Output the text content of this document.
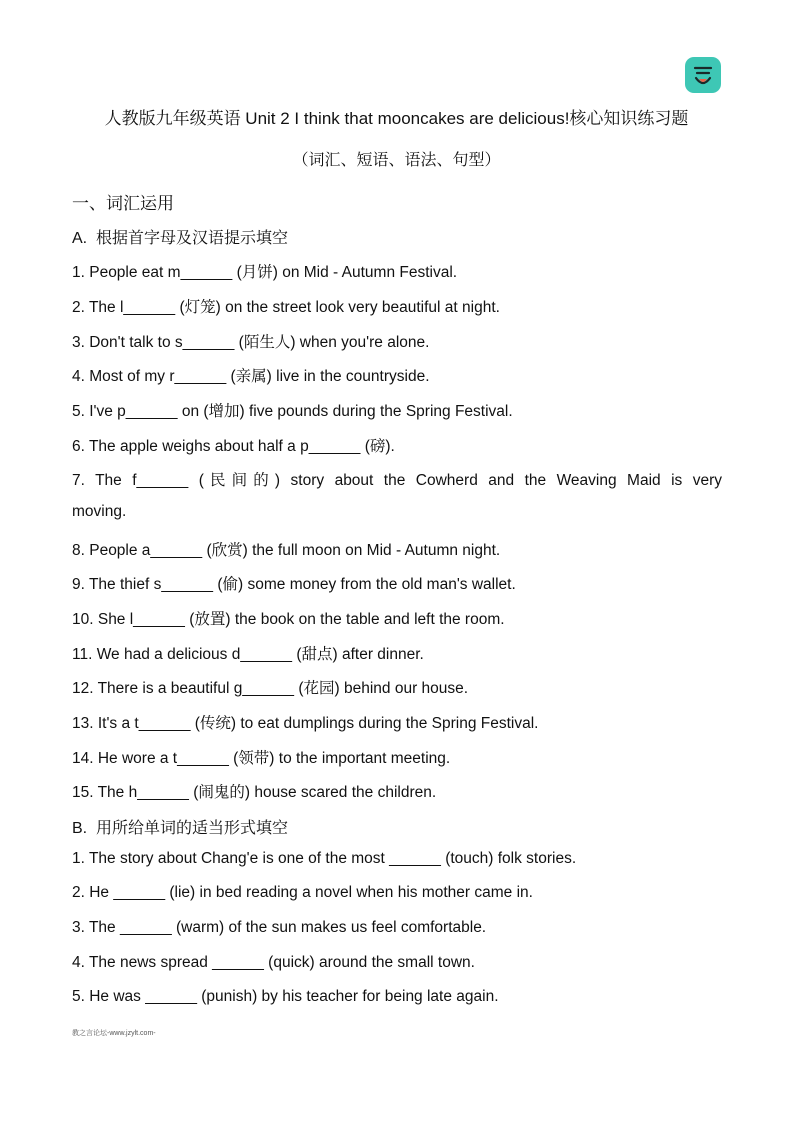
人教版九年级英语 Unit 2 I think that mooncakes are delicious!核心知识练习题
（词汇、短语、语法、句型）
一、词汇运用
A. 根据首字母及汉语提示填空
1. People eat m______ (月饼) on Mid - Autumn Festival.
2. The l______ (灯笼) on the street look very beautiful at night.
3. Don't talk to s______ (陌生人) when you're alone.
4. Most of my r______ (亲属) live in the countryside.
5. I've p______ on (增加) five pounds during the Spring Festival.
6. The apple weighs about half a p______ (磅).
7. The f______ (民间的) story about the Cowherd and the Weaving Maid is very
moving.
8. People a______ (欣赏) the full moon on Mid - Autumn night.
9. The thief s______ (偷) some money from the old man's wallet.
10. She l______ (放置) the book on the table and left the room.
11. We had a delicious d______ (甜点) after dinner.
12. There is a beautiful g______ (花园) behind our house.
13. It's a t______ (传统) to eat dumplings during the Spring Festival.
14. He wore a t______ (领带) to the important meeting.
15. The h______ (闹鬼的) house scared the children.
B. 用所给单词的适当形式填空
1. The story about Chang'e is one of the most ______ (touch) folk stories.
2. He ______ (lie) in bed reading a novel when his mother came in.
3. The ______ (warm) of the sun makes us feel comfortable.
4. The news spread ______ (quick) around the small town.
5. He was ______ (punish) by his teacher for being late again.
教之言论坛-www.jzylt.com-
